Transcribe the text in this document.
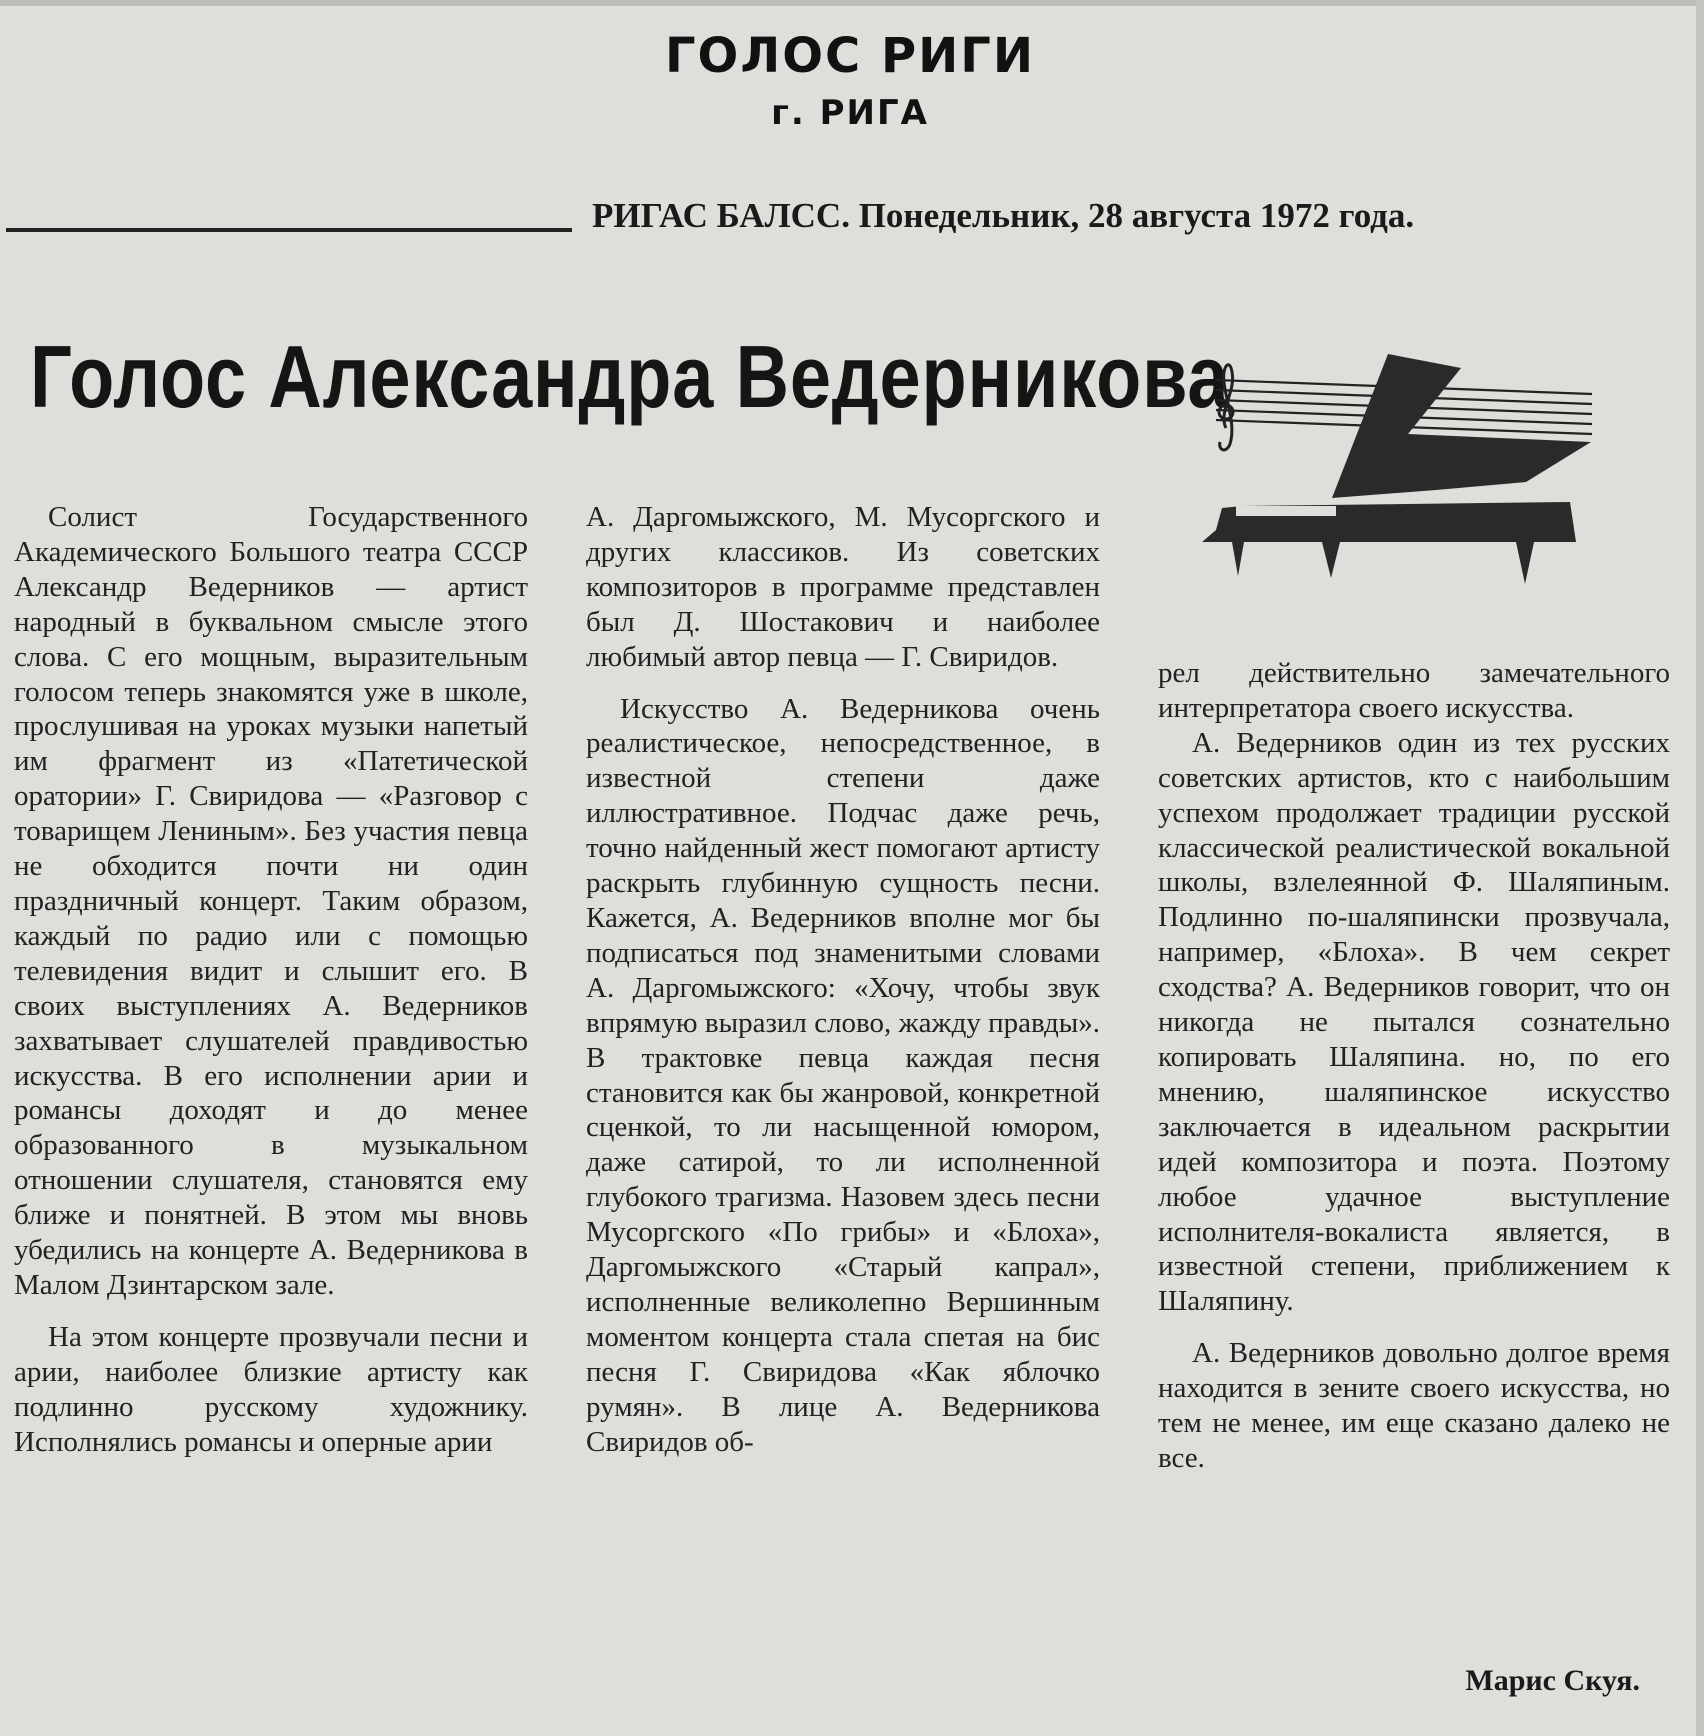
ГОЛОС РИГИ
г. РИГА
РИГАС БАЛСС. Понедельник, 28 августа 1972 года.
Голос Александра Ведерникова

Солист Государственного Академического Большого театра СССР Александр Ведерников — артист народный в буквальном смысле этого слова. С его мощным, выразительным голосом теперь знакомятся уже в школе, прослушивая на уроках музыки напетый им фрагмент из «Патетической оратории» Г. Свиридова — «Разговор с товарищем Лениным». Без участия певца не обходится почти ни один праздничный концерт. Таким образом, каждый по радио или с помощью телевидения видит и слышит его. В своих выступлениях А. Ведерников захватывает слушателей правдивостью искусства. В его исполнении арии и романсы доходят и до менее образованного в музыкальном отношении слушателя, становятся ему ближе и понятней. В этом мы вновь убедились на концерте А. Ведерникова в Малом Дзинтарском зале.

На этом концерте прозвучали песни и арии, наиболее близкие артисту как подлинно русскому художнику. Исполнялись романсы и оперные арии

А. Даргомыжского, М. Мусоргского и других классиков. Из советских композиторов в программе представлен был Д. Шостакович и наиболее любимый автор певца — Г. Свиридов.

Искусство А. Ведерникова очень реалистическое, непосредственное, в известной степени даже иллюстративное. Подчас даже речь, точно найденный жест помогают артисту раскрыть глубинную сущность песни. Кажется, А. Ведерников вполне мог бы подписаться под знаменитыми словами А. Даргомыжского: «Хочу, чтобы звук впрямую выразил слово, жажду правды». В трактовке певца каждая песня становится как бы жанровой, конкретной сценкой, то ли насыщенной юмором, даже сатирой, то ли исполненной глубокого трагизма. Назовем здесь песни Мусоргского «По грибы» и «Блоха», Даргомыжского «Старый капрал», исполненные великолепно Вершинным моментом концерта стала спетая на бис песня Г. Свиридова «Как яблочко румян». В лице А. Ведерникова Свиридов об-

рел действительно замечательного интерпретатора своего искусства.

А. Ведерников один из тех русских советских артистов, кто с наибольшим успехом продолжает традиции русской классической реалистической вокальной школы, взлелеянной Ф. Шаляпиным. Подлинно по-шаляпински прозвучала, например, «Блоха». В чем секрет сходства? А. Ведерников говорит, что он никогда не пытался сознательно копировать Шаляпина. но, по его мнению, шаляпинское искусство заключается в идеальном раскрытии идей композитора и поэта. Поэтому любое удачное выступление исполнителя-вокалиста является, в известной степени, приближением к Шаляпину.

А. Ведерников довольно долгое время находится в зените своего искусства, но тем не менее, им еще сказано далеко не все.

Марис Скуя.
